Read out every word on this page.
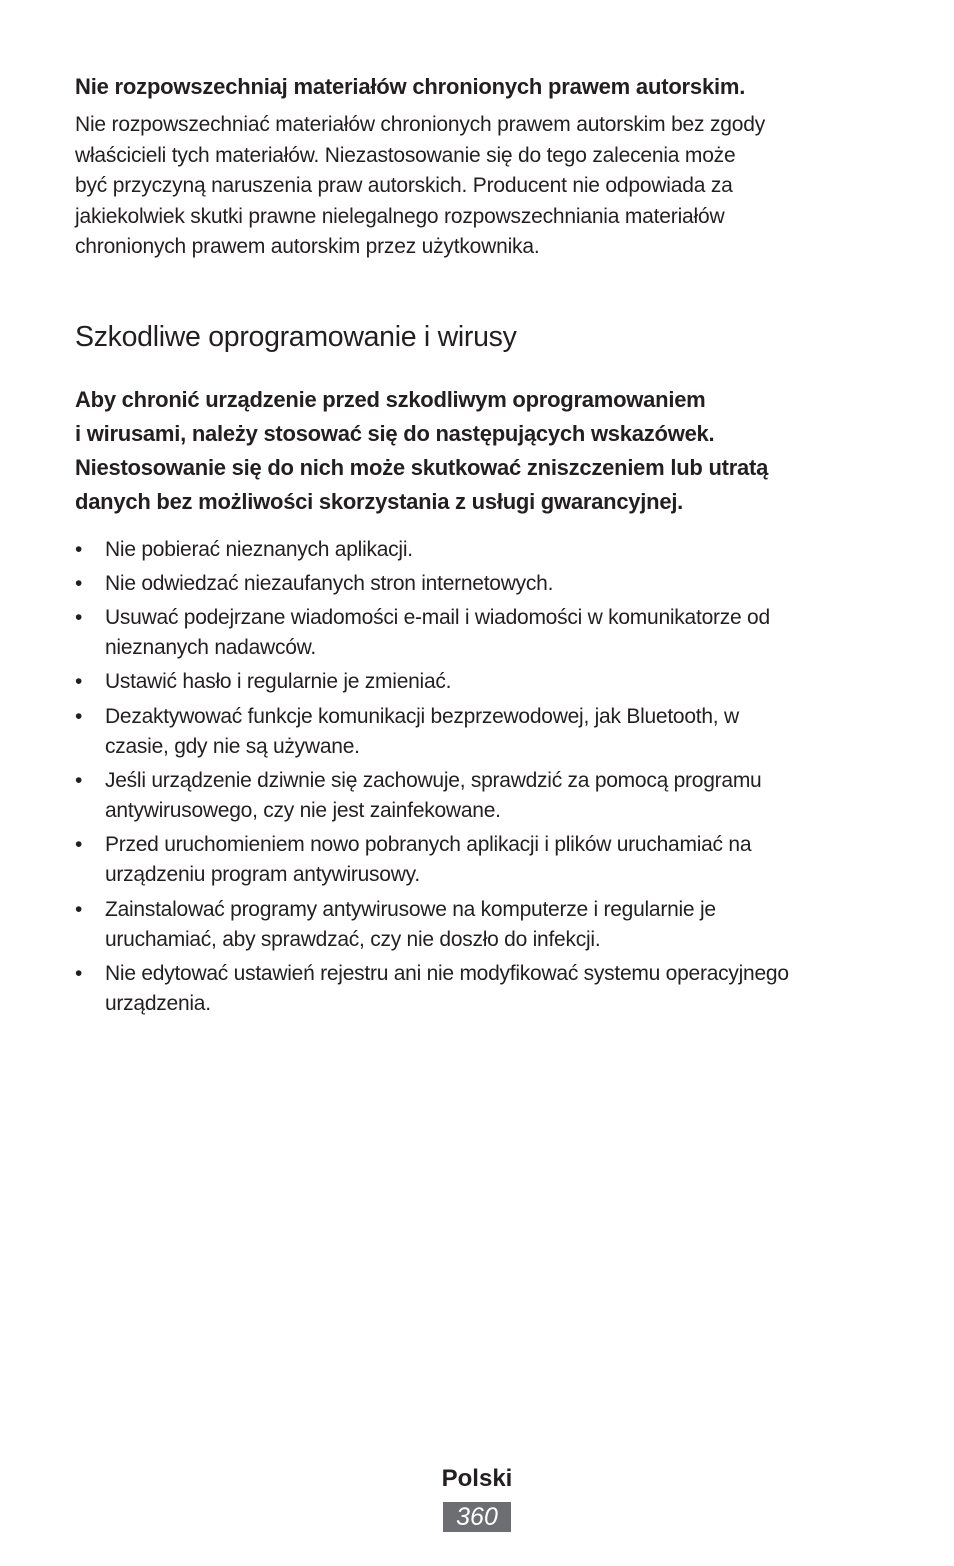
Nie rozpowszechniaj materiałów chronionych prawem autorskim.
Nie rozpowszechniać materiałów chronionych prawem autorskim bez zgody
właścicieli tych materiałów. Niezastosowanie się do tego zalecenia może
być przyczyną naruszenia praw autorskich. Producent nie odpowiada za
jakiekolwiek skutki prawne nielegalnego rozpowszechniania materiałów
chronionych prawem autorskim przez użytkownika.
Szkodliwe oprogramowanie i wirusy
Aby chronić urządzenie przed szkodliwym oprogramowaniem
i wirusami, należy stosować się do następujących wskazówek.
Niestosowanie się do nich może skutkować zniszczeniem lub utratą
danych bez możliwości skorzystania z usługi gwarancyjnej.
•	Nie pobierać nieznanych aplikacji.
•	Nie odwiedzać niezaufanych stron internetowych.
•	Usuwać podejrzane wiadomości e-mail i wiadomości w komunikatorze od
nieznanych nadawców.
•	Ustawić hasło i regularnie je zmieniać.
•	Dezaktywować funkcje komunikacji bezprzewodowej, jak Bluetooth, w
czasie, gdy nie są używane.
•	Jeśli urządzenie dziwnie się zachowuje, sprawdzić za pomocą programu
antywirusowego, czy nie jest zainfekowane.
•	Przed uruchomieniem nowo pobranych aplikacji i plików uruchamiać na
urządzeniu program antywirusowy.
•	Zainstalować programy antywirusowe na komputerze i regularnie je
uruchamiać, aby sprawdzać, czy nie doszło do infekcji.
•	Nie edytować ustawień rejestru ani nie modyfikować systemu operacyjnego
urządzenia.
Polski
360
